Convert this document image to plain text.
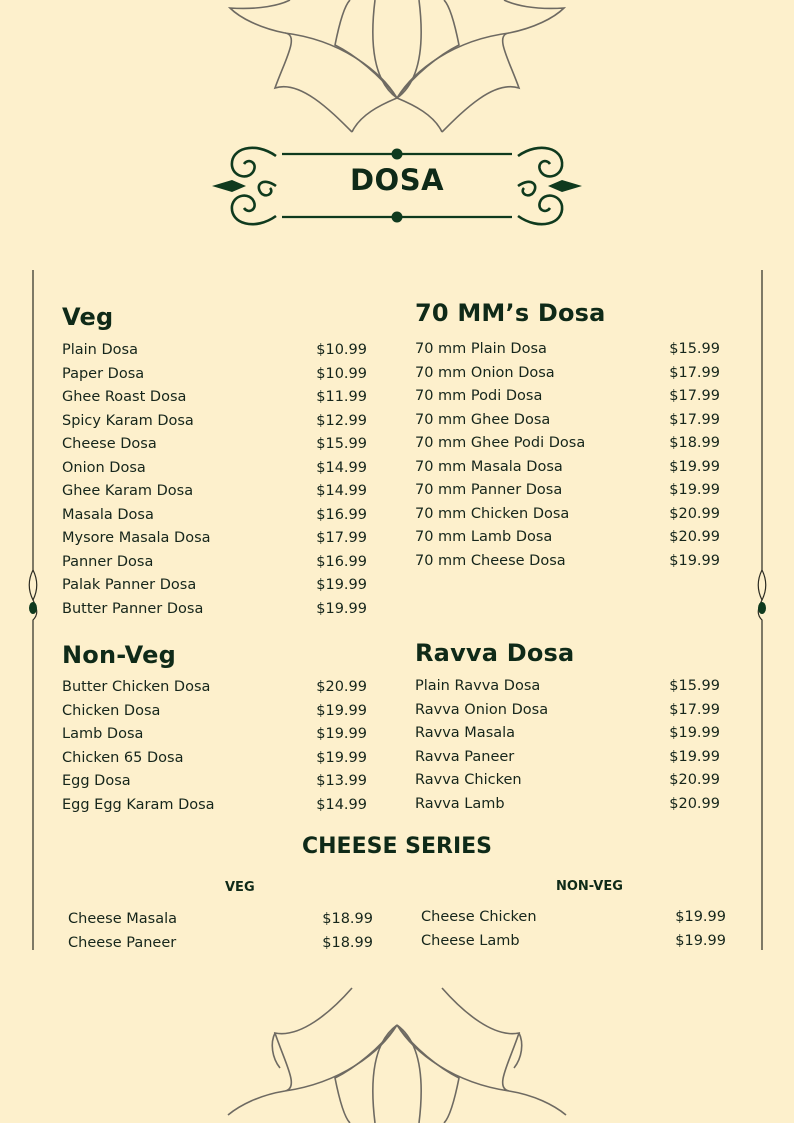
DOSA
Veg
Plain Dosa	$10.99
Paper Dosa	$10.99
Ghee Roast Dosa	$11.99
Spicy Karam Dosa	$12.99
Cheese Dosa	$15.99
Onion Dosa	$14.99
Ghee Karam Dosa	$14.99
Masala Dosa	$16.99
Mysore Masala Dosa	$17.99
Panner Dosa	$16.99
Palak Panner Dosa	$19.99
Butter Panner Dosa	$19.99
70 MM’s Dosa
70 mm Plain Dosa	$15.99
70 mm Onion Dosa	$17.99
70 mm Podi Dosa	$17.99
70 mm Ghee Dosa	$17.99
70 mm Ghee Podi Dosa	$18.99
70 mm Masala Dosa	$19.99
70 mm Panner Dosa	$19.99
70 mm Chicken Dosa	$20.99
70 mm Lamb Dosa	$20.99
70 mm Cheese Dosa	$19.99
Non-Veg
Butter Chicken Dosa	$20.99
Chicken Dosa	$19.99
Lamb Dosa	$19.99
Chicken 65 Dosa	$19.99
Egg Dosa	$13.99
Egg Egg Karam Dosa	$14.99
Ravva Dosa
Plain Ravva Dosa	$15.99
Ravva Onion Dosa	$17.99
Ravva Masala	$19.99
Ravva Paneer	$19.99
Ravva Chicken	$20.99
Ravva Lamb	$20.99
CHEESE SERIES
VEG	NON-VEG
Cheese Masala	$18.99
Cheese Paneer	$18.99
Cheese Chicken	$19.99
Cheese Lamb	$19.99
